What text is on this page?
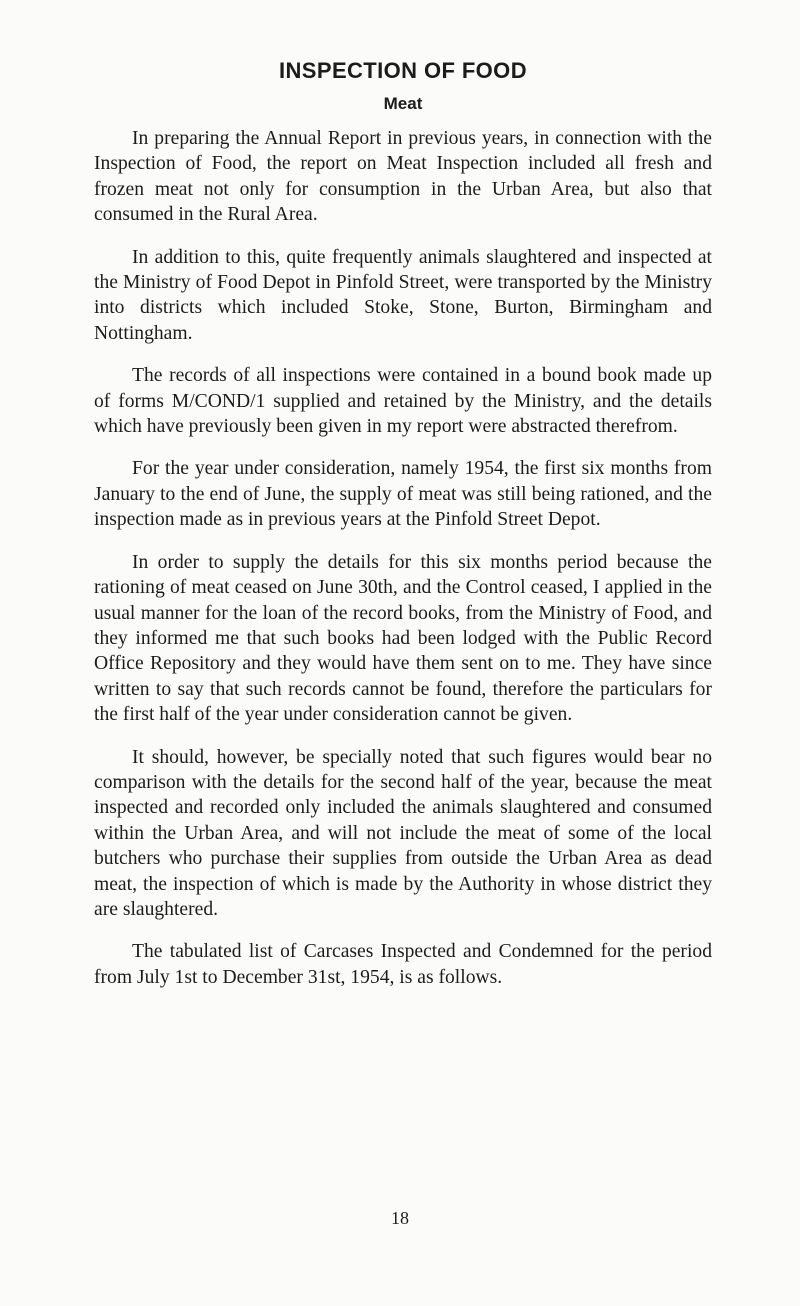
INSPECTION OF FOOD
Meat

In preparing the Annual Report in previous years, in connection with the Inspection of Food, the report on Meat Inspection included all fresh and frozen meat not only for consumption in the Urban Area, but also that consumed in the Rural Area.

In addition to this, quite frequently animals slaughtered and inspected at the Ministry of Food Depot in Pinfold Street, were transported by the Ministry into districts which included Stoke, Stone, Burton, Birmingham and Nottingham.

The records of all inspections were contained in a bound book made up of forms M/COND/1 supplied and retained by the Ministry, and the details which have previously been given in my report were abstracted therefrom.

For the year under consideration, namely 1954, the first six months from January to the end of June, the supply of meat was still being rationed, and the inspection made as in previous years at the Pinfold Street Depot.

In order to supply the details for this six months period because the rationing of meat ceased on June 30th, and the Control ceased, I applied in the usual manner for the loan of the record books, from the Ministry of Food, and they informed me that such books had been lodged with the Public Record Office Repository and they would have them sent on to me. They have since written to say that such records cannot be found, therefore the particulars for the first half of the year under consideration cannot be given.

It should, however, be specially noted that such figures would bear no comparison with the details for the second half of the year, because the meat inspected and recorded only included the animals slaughtered and consumed within the Urban Area, and will not include the meat of some of the local butchers who purchase their supplies from outside the Urban Area as dead meat, the inspection of which is made by the Authority in whose district they are slaughtered.

The tabulated list of Carcases Inspected and Condemned for the period from July 1st to December 31st, 1954, is as follows.

18
